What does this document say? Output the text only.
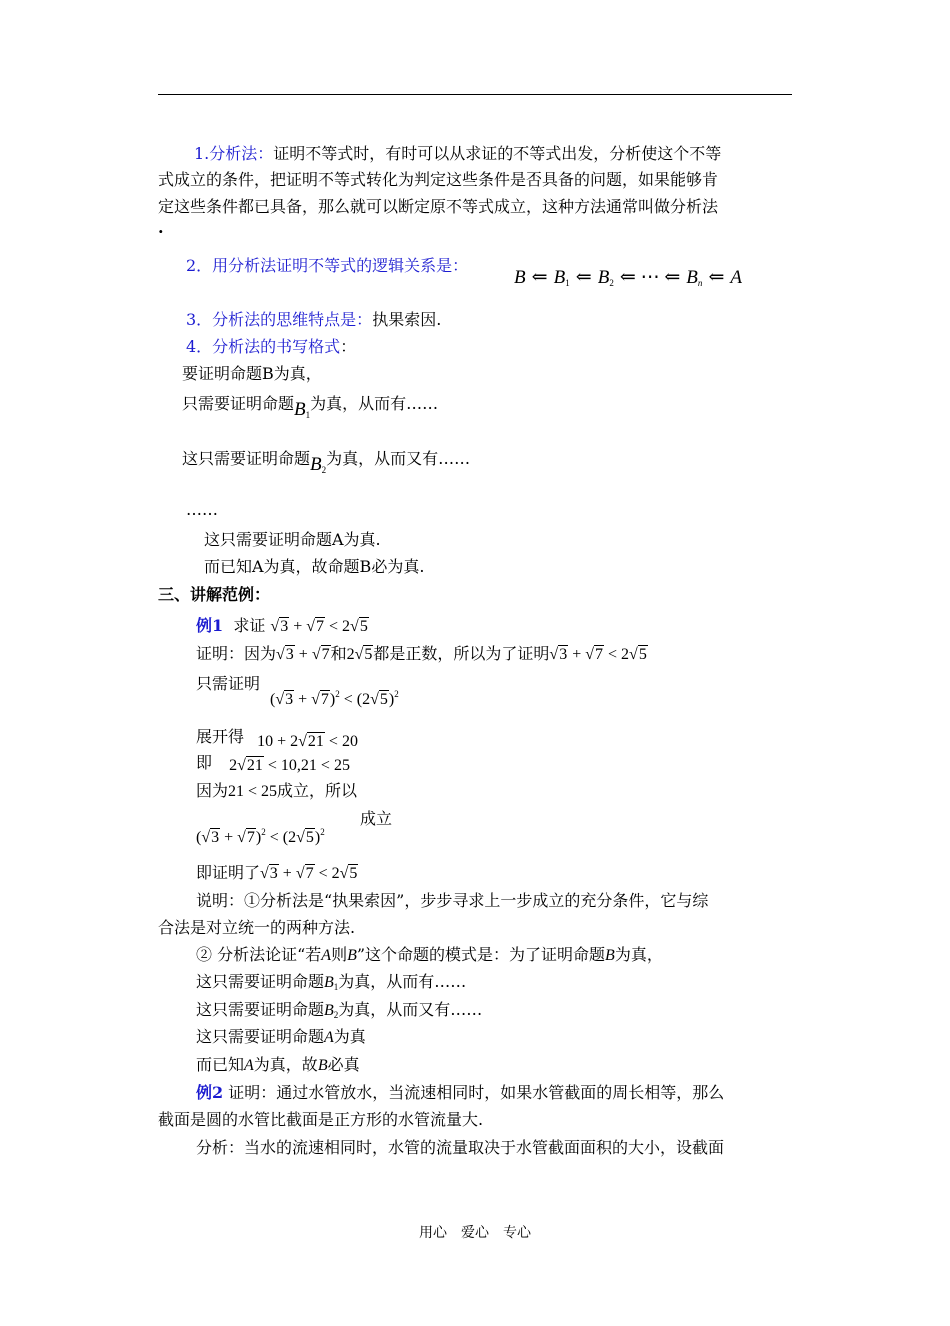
1.分析法：证明不等式时，有时可以从求证的不等式出发，分析使这个不等
式成立的条件，把证明不等式转化为判定这些条件是否具备的问题，如果能够肯
定这些条件都已具备，那么就可以断定原不等式成立，这种方法通常叫做分析法
.
2．用分析法证明不等式的逻辑关系是：
B ⇐ $B_1$ ⇐ $B_2$ ⇐ ⋯ ⇐ $B_n$ ⇐ A
3．分析法的思维特点是：执果索因.
4．分析法的书写格式：
要证明命题B为真，
只需要证明命题$B_1$为真，从而有……
这只需要证明命题$B_2$为真，从而又有……
……
这只需要证明命题A为真.
而已知A为真，故命题B必为真.
三、讲解范例：
例1 求证 √3 + √7 < 2√5
证明：因为√3 + √7和2√5都是正数，所以为了证明√3 + √7 < 2√5
只需证明
$(√3 + √7)^2 < (2√5)^2$
展开得 10 + 2√21 < 20
即 2√21 < 10,21 < 25
因为21 < 25成立，所以
$(√3 + √7)^2 < (2√5)^2$
成立
即证明了√3 + √7 < 2√5
说明：①分析法是“执果索因”，步步寻求上一步成立的充分条件，它与综
合法是对立统一的两种方法.
② 分析法论证“若A则B”这个命题的模式是：为了证明命题B为真，
这只需要证明命题$B_1$为真，从而有……
这只需要证明命题$B_2$为真，从而又有……
这只需要证明命题A为真
而已知A为真，故B必真
例2 证明：通过水管放水，当流速相同时，如果水管截面的周长相等，那么
截面是圆的水管比截面是正方形的水管流量大.
分析：当水的流速相同时，水管的流量取决于水管截面面积的大小，设截面
用心　爱心　专心
